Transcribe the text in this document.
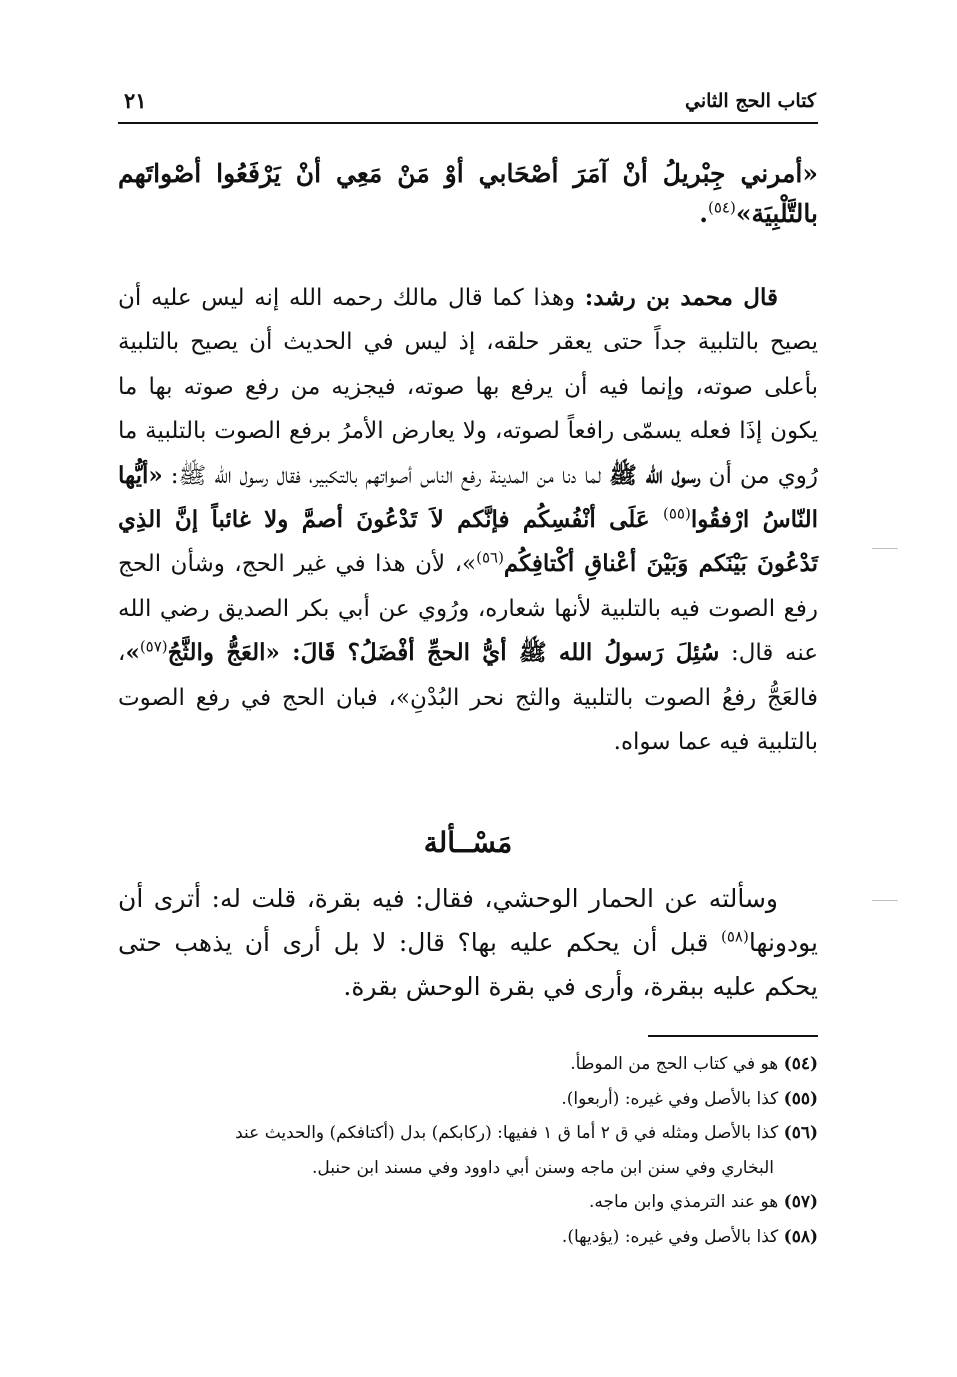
كتاب الحج الثاني
٢١

«أمرني جِبْريلُ أنْ آمَرَ أصْحَابي أوْ مَنْ مَعِي أنْ يَرْفَعُوا أصْواتَهم بالتَّلْبِيَة»$^{(٥٤)}$.

قال محمد بن رشد: وهذا كما قال مالك رحمه الله إنه ليس عليه أن يصيح بالتلبية جداً حتى يعقر حلقه، إذ ليس في الحديث أن يصيح بالتلبية بأعلى صوته، وإنما فيه أن يرفع بها صوته، فيجزيه من رفع صوته بها ما يكون إذَا فعله يسمّى رافعاً لصوته، ولا يعارض الأمرُ برفع الصوت بالتلبية ما رُوي من أن رسول الله ﷺ لما دنا من المدينة رفع الناس أصواتهم بالتكبير، فقال رسول الله ﷺ: «أيُّها النّاسُ ارْفقُوا$^{(٥٥)}$ عَلَى أنْفُسِكُم فإنَّكم لاَ تَدْعُونَ أصمَّ ولا غائباً إنَّ الذِي تَدْعُونَ بَيْنَكم وَبَيْنَ أعْناقِ أكْتافِكُم$^{(٥٦)}$»، لأن هذا في غير الحج، وشأن الحج رفع الصوت فيه بالتلبية لأنها شعاره، ورُوي عن أبي بكر الصديق رضي الله عنه قال: سُئِلَ رَسولُ الله ﷺ أيُّ الحجِّ أفْضَلُ؟ قَالَ: «العَجُّ والثَّجُ$^{(٥٧)}$»، فالعَجُّ رفعُ الصوت بالتلبية والثج نحر البُدْنِ»، فبان الحج في رفع الصوت بالتلبية فيه عما سواه.

مَسْــألة

وسألته عن الحمار الوحشي، فقال: فيه بقرة، قلت له: أترى أن يودونها$^{(٥٨)}$ قبل أن يحكم عليه بها؟ قال: لا بل أرى أن يذهب حتى يحكم عليه ببقرة، وأرى في بقرة الوحش بقرة.

(٥٤) هو في كتاب الحج من الموطأ.

(٥٥) كذا بالأصل وفي غيره: (أربعوا).

(٥٦) كذا بالأصل ومثله في ق ٢ أما ق ١ ففيها: (ركابكم) بدل (أكتافكم) والحديث عند

البخاري وفي سنن ابن ماجه وسنن أبي داوود وفي مسند ابن حنبل.

(٥٧) هو عند الترمذي وابن ماجه.

(٥٨) كذا بالأصل وفي غيره: (يؤديها).
